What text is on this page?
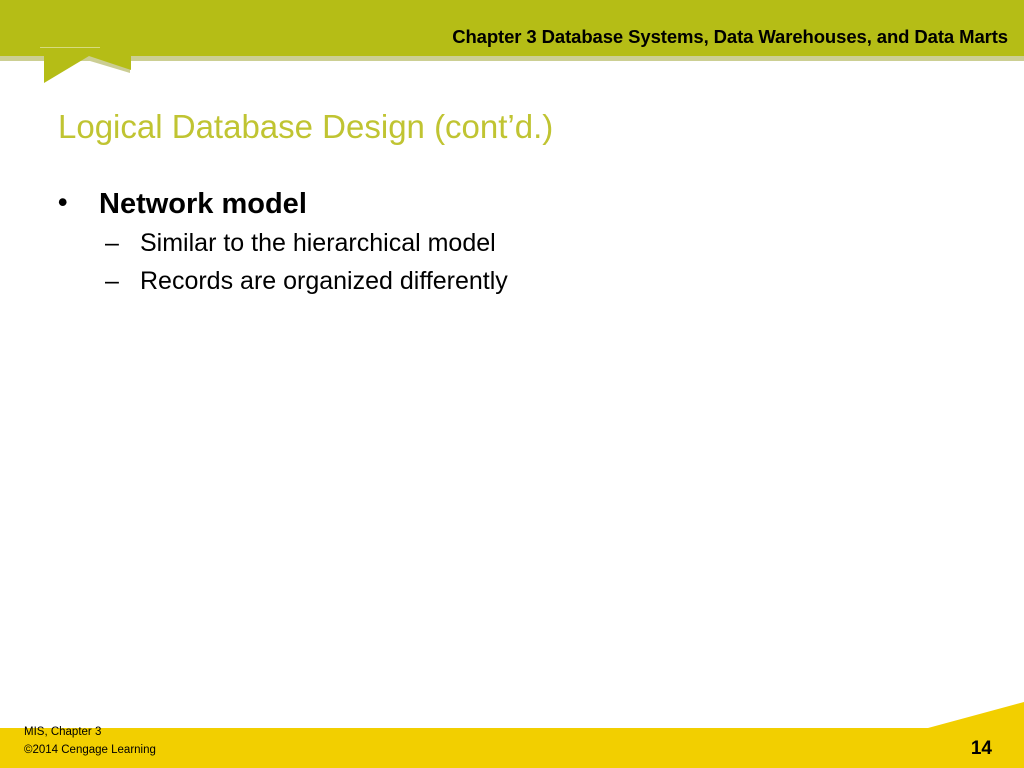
Chapter 3 Database Systems, Data Warehouses, and Data Marts
Logical Database Design (cont’d.)
•	Network model
– Similar to the hierarchical model
– Records are organized differently
MIS, Chapter 3
©2014 Cengage Learning	14
